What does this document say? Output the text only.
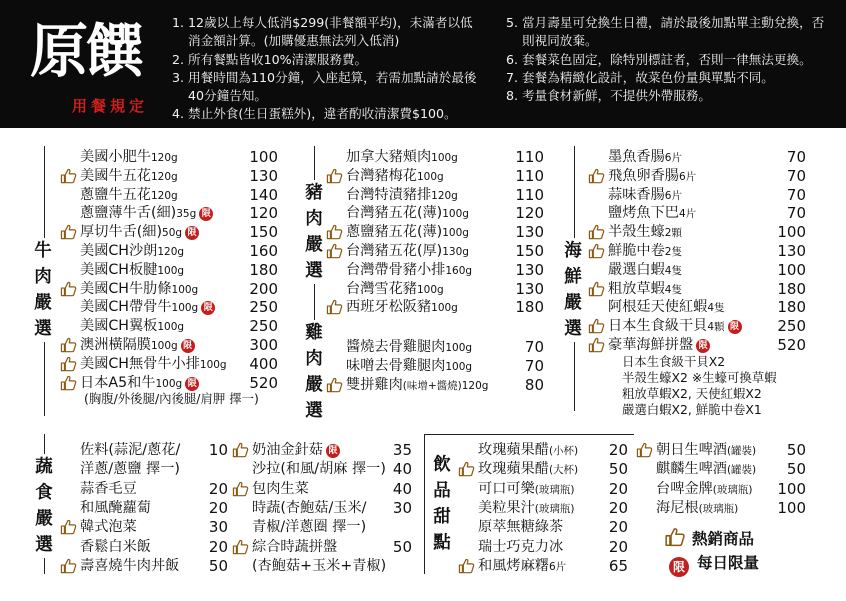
原饌
用餐規定
1. 12歲以上每人低消$299(非餐額平均)，未滿者以低消金額計算。(加購優惠無法列入低消)
2. 所有餐點皆收10%清潔服務費。
3. 用餐時間為110分鐘，入座起算，若需加點請於最後40分鐘告知。
4. 禁止外食(生日蛋糕外)，違者酌收清潔費$100。
5. 當月壽星可兌換生日禮，請於最後加點單主動兌換，否則視同放棄。
6. 套餐菜色固定，除特別標註者，否則一律無法更換。
7. 套餐為精緻化設計，故菜色份量與單點不同。
8. 考量食材新鮮，不提供外帶服務。
牛肉嚴選
豬肉嚴選
雞肉嚴選
海鮮嚴選
蔬食嚴選
飲品甜點
美國小肥牛120g	100
美國牛五花120g	130
蔥鹽牛五花120g	140
蔥鹽薄牛舌(細)35g 限	120
厚切牛舌(細)50g 限	150
美國CH沙朗120g	160
美國CH板腱100g	180
美國CH牛肋條100g	200
美國CH帶骨牛100g 限	250
美國CH翼板100g	250
澳洲橫隔膜100g 限	300
美國CH無骨牛小排100g	400
日本A5和牛100g 限	520
加拿大豬頰肉100g	110
台灣豬梅花100g	110
台灣特漬豬排120g	110
台灣豬五花(薄)100g	120
蔥鹽豬五花(薄)100g	130
台灣豬五花(厚)130g	150
台灣帶骨豬小排160g	130
台灣雪花豬100g	130
西班牙松阪豬100g	180
醬燒去骨雞腿肉100g	70
味噌去骨雞腿肉100g	70
雙拼雞肉(味增+醬燒)120g	80
墨魚香腸6片	70
飛魚卵香腸6片	70
蒜味香腸6片	70
鹽烤魚下巴4片	70
半殼生蠔2顆	100
鮮脆中卷2隻	130
嚴選白蝦4隻	100
粗放草蝦4隻	180
阿根廷天使紅蝦4隻	180
日本生食級干貝4顆 限	250
豪華海鮮拼盤 限	520
佐料(蒜泥/蔥花/	10
洋蔥/蔥鹽 擇一)
蒜香毛豆	20
和風醃蘿蔔	20
韓式泡菜	30
香鬆白米飯	20
壽喜燒牛肉丼飯	50
奶油金針菇 限	35
沙拉(和風/胡麻 擇一) 40
包肉生菜	40
時蔬(杏鮑菇/玉米/	30
青椒/洋蔥圈 擇一)
綜合時蔬拼盤	50
(杏鮑菇+玉米+青椒)
玫瑰蘋果醋(小杯)	20
玫瑰蘋果醋(大杯)	50
可口可樂(玻璃瓶)	20
美粒果汁(玻璃瓶)	20
原萃無糖綠茶	20
瑞士巧克力冰	20
和風烤麻糬6片	65
朝日生啤酒(罐裝)	50
麒麟生啤酒(罐裝)	50
台啤金牌(玻璃瓶)	100
海尼根(玻璃瓶)	100
(胸腹/外後腿/內後腿/肩胛 擇一)
日本生食級干貝X2
半殼生蠔X2 ※生蠔可換草蝦
粗放草蝦X2, 天使紅蝦X2
嚴選白蝦X2, 鮮脆中卷X1
熱銷商品
限 每日限量
